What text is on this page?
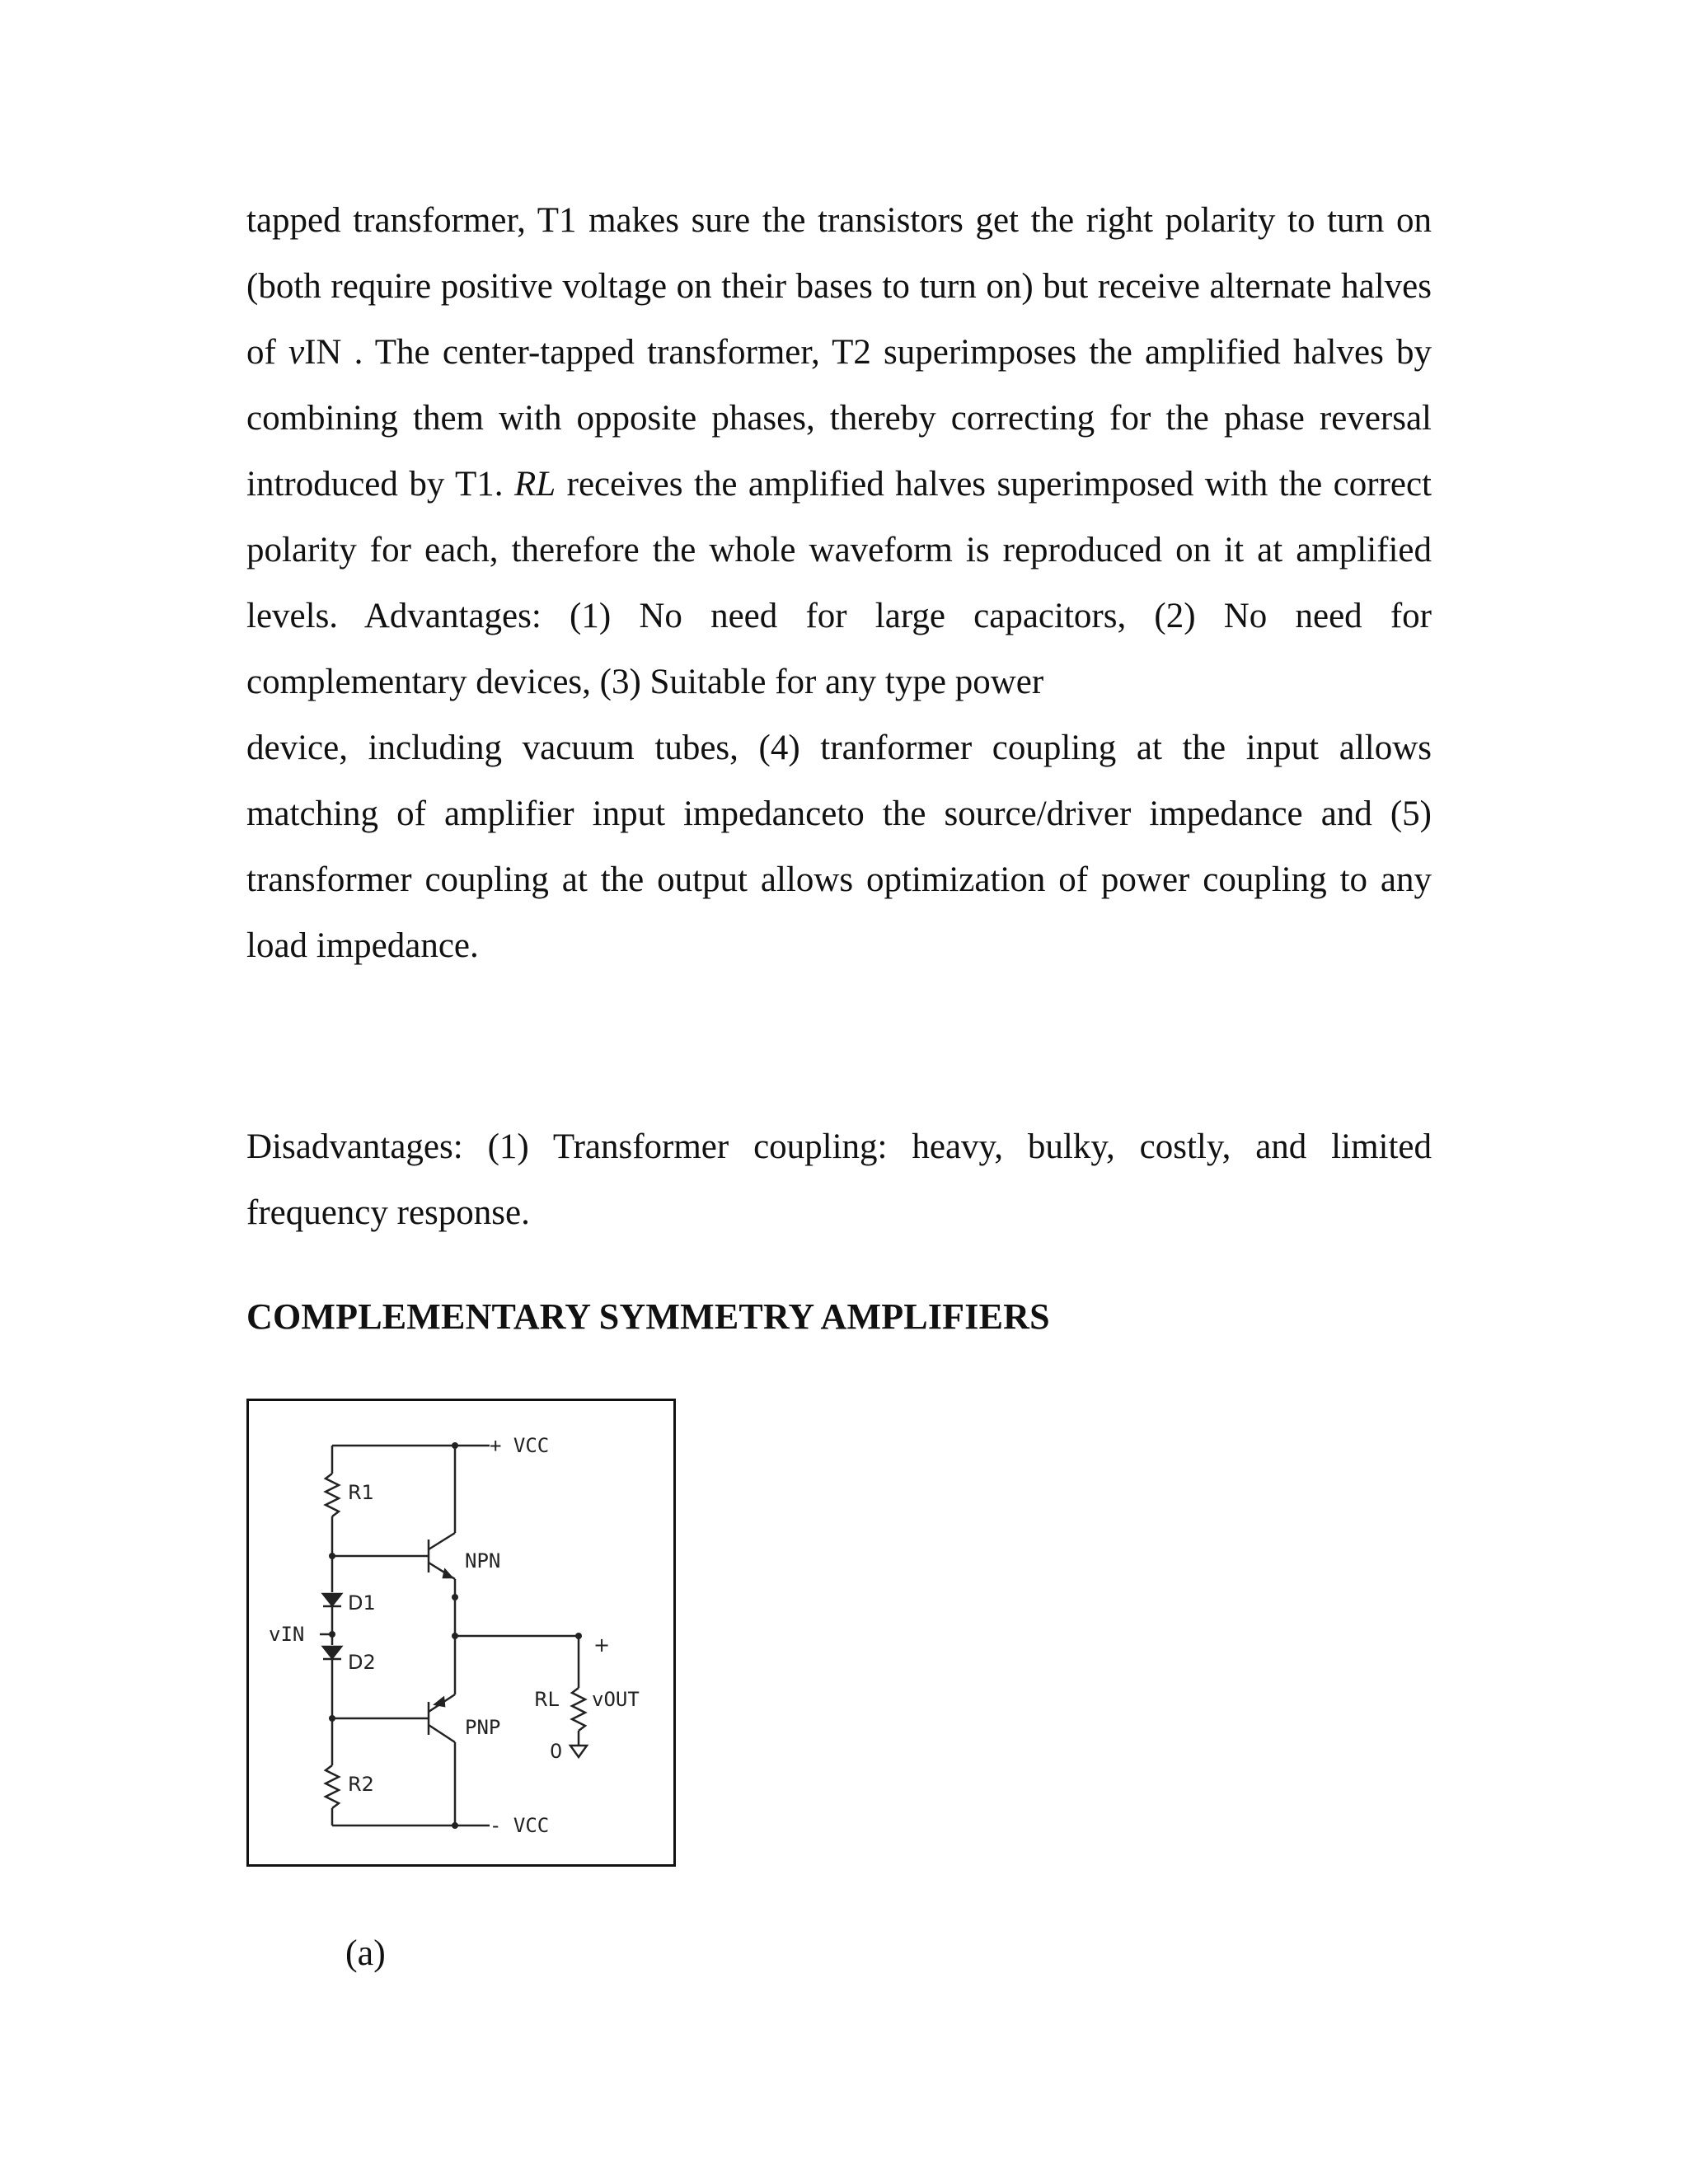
tapped transformer, T1 makes sure the transistors get the right polarity to turn on (both require positive voltage on their bases to turn on) but receive alternate halves of vIN . The center-tapped transformer, T2 superimposes the amplified halves by combining them with opposite phases, thereby correcting for the phase reversal introduced by T1. RL receives the amplified halves superimposed with the correct polarity for each, therefore the whole waveform is reproduced on it at amplified levels. Advantages: (1) No need for large capacitors, (2) No need for complementary devices, (3) Suitable for any type power

device, including vacuum tubes, (4) tranformer coupling at the input allows matching of amplifier input impedanceto the source/driver impedance and (5) transformer coupling at the output allows optimization of power coupling to any load impedance.

Disadvantages: (1) Transformer coupling: heavy, bulky, costly, and limited frequency response.

COMPLEMENTARY SYMMETRY AMPLIFIERS
+ VCC
- VCC
R1
R2
D1
D2
vIN
NPN
PNP
RL vOUT
+
0
(a)
